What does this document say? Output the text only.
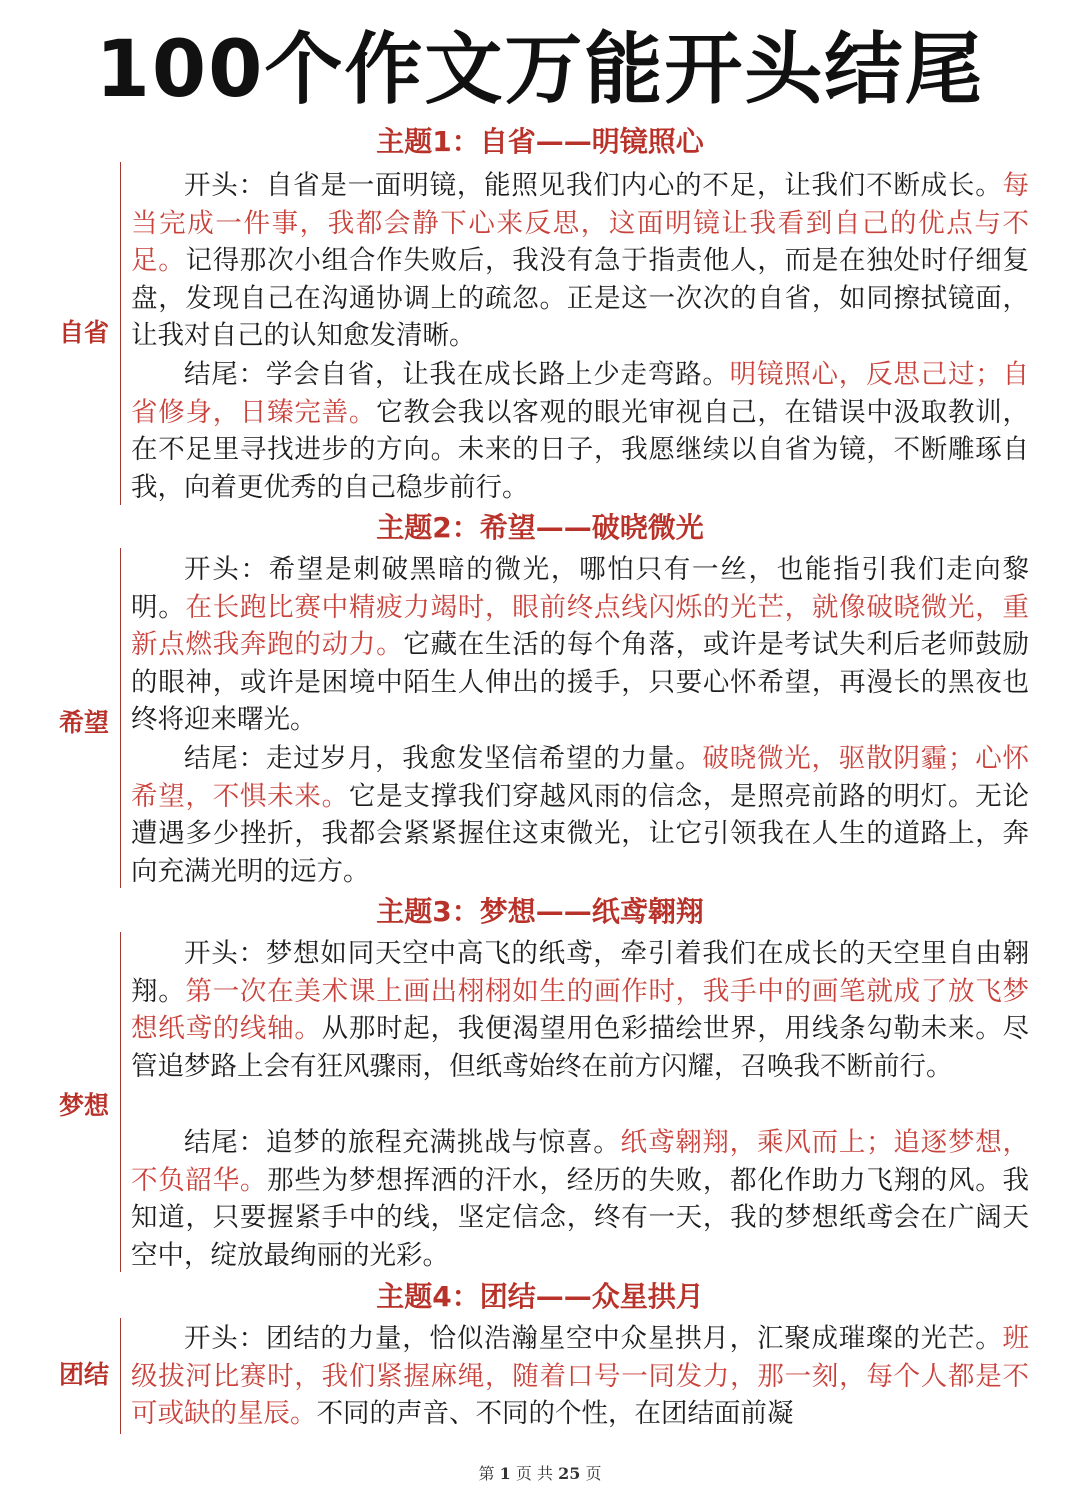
100个作文万能开头结尾
主题1：自省——明镜照心
自省

开头：自省是一面明镜，能照见我们内心的不足，让我们不断成长。每当完成一件事，我都会静下心来反思，这面明镜让我看到自己的优点与不足。记得那次小组合作失败后，我没有急于指责他人，而是在独处时仔细复盘，发现自己在沟通协调上的疏忽。正是这一次次的自省，如同擦拭镜面，让我对自己的认知愈发清晰。

结尾：学会自省，让我在成长路上少走弯路。明镜照心，反思己过；自省修身，日臻完善。它教会我以客观的眼光审视自己，在错误中汲取教训，在不足里寻找进步的方向。未来的日子，我愿继续以自省为镜，不断雕琢自我，向着更优秀的自己稳步前行。

主题2：希望——破晓微光
希望

开头：希望是刺破黑暗的微光，哪怕只有一丝，也能指引我们走向黎明。在长跑比赛中精疲力竭时，眼前终点线闪烁的光芒，就像破晓微光，重新点燃我奔跑的动力。它藏在生活的每个角落，或许是考试失利后老师鼓励的眼神，或许是困境中陌生人伸出的援手，只要心怀希望，再漫长的黑夜也终将迎来曙光。

结尾：走过岁月，我愈发坚信希望的力量。破晓微光，驱散阴霾；心怀希望，不惧未来。它是支撑我们穿越风雨的信念，是照亮前路的明灯。无论遭遇多少挫折，我都会紧紧握住这束微光，让它引领我在人生的道路上，奔向充满光明的远方。

主题3：梦想——纸鸢翱翔
梦想

开头：梦想如同天空中高飞的纸鸢，牵引着我们在成长的天空里自由翱翔。第一次在美术课上画出栩栩如生的画作时，我手中的画笔就成了放飞梦想纸鸢的线轴。从那时起，我便渴望用色彩描绘世界，用线条勾勒未来。尽管追梦路上会有狂风骤雨，但纸鸢始终在前方闪耀，召唤我不断前行。

结尾：追梦的旅程充满挑战与惊喜。纸鸢翱翔，乘风而上；追逐梦想，不负韶华。那些为梦想挥洒的汗水，经历的失败，都化作助力飞翔的风。我知道，只要握紧手中的线，坚定信念，终有一天，我的梦想纸鸢会在广阔天空中，绽放最绚丽的光彩。

主题4：团结——众星拱月
团结

开头：团结的力量，恰似浩瀚星空中众星拱月，汇聚成璀璨的光芒。班级拔河比赛时，我们紧握麻绳，随着口号一同发力，那一刻，每个人都是不可或缺的星辰。不同的声音、不同的个性，在团结面前凝

第 1 页 共 25 页
